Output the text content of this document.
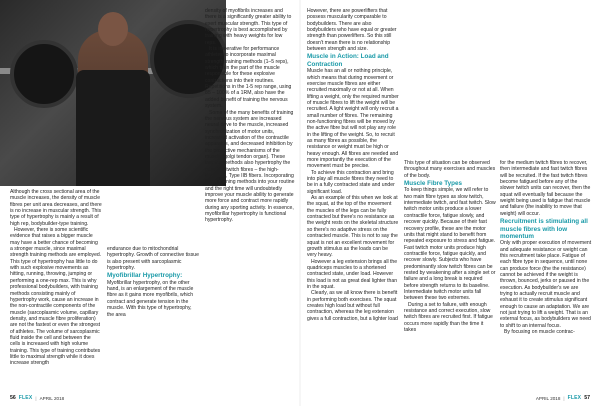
Although the cross sectional area of the muscle increases, the density of muscle fibres per unit area decreases, and there is no increase in muscular strength. This type of hypertrophy is mainly a result of high rep, bodybuilder-type training.

However, there is some scientific evidence that raises a bigger muscle may have a better chance of becoming a stronger muscle, since maximal strength training methods are employed. This type of hypertrophy has little to do with such explosive movements as hitting, running, throwing, jumping or performing a one-rep max. This is why professional bodybuilders, with training methods consisting mainly of hypertrophy work, cause an increase in the non-contractile components of the muscle (sarcoplasmic volume, capillary density, and muscle fibre proliferation) are not the fastest or even the strongest of athletes. The volume of sarcoplasmic fluid inside the cell and between the cells is increased with high volume training. This type of training contributes little to maximal strength while it does increase strength

endurance due to mitochondrial hypertrophy. Growth of connective tissue is also present with sarcoplasmic hypertrophy.

Myofibrillar Hypertrophy:

Myofibrillar hypertrophy, on the other hand, is an enlargement of the muscle fibre as it gains more myofibrils, which contract and generate tension in the muscle. With this type of hypertrophy, the area

density of myofibrils increases and there is a significantly greater ability to exert muscular strength. This type of hypertrophy is best accomplished by training with heavy weights for low reps.

It is imperative for performance athletes to incorporate maximal strength training methods (1–5 reps), which train the part of the muscle responsible for these explosive contractions into their routines. Repetitions in the 1-5 rep range, using 85 – 100% of a 1RM, also have the added benefit of training the nervous system.

Some of the many benefits of training the nervous system are increased neural drive to the muscle, increased synchronization of motor units, increased activation of the contractile apparatus, and decreased inhibition by the protective mechanisms of the muscle (golgi tendon organ). These training methods also hypertrophy the pure fast twitch fibres – the high-threshold, Type IIB fibers. Incorporating these training methods into your routine and the right time will undoubtedly improve your muscle ability to generate more force and contract more rapidly during any sporting activity. In essence, myofibrillar hypertrophy is functional hypertrophy.

56 FLEX | APRIL 2018

However, there are powerlifters that possess muscularity comparable to bodybuilders. There are also bodybuilders who have equal or greater strength than powerlifters. So this still doesn't mean there is no relationship between strength and size.

Muscle in Action: Load and Contraction

Muscle has an all or nothing principle, which means that during movement or exercise muscle fibres are either recruited maximally or not at all. When lifting a weight, only the required number of muscle fibres to lift the weight will be recruited. A light weight will only recruit a small number of fibres. The remaining non-functioning fibres will be moved by the active fibre but will not play any role in the lifting of the weight. So, to recruit as many fibres as possible, the resistance or weight must be high or heavy enough. All fibres are needed and more importantly the execution of the movement must be precise.

To achieve this contraction and bring into play all muscle fibres they need to be in a fully contracted state and under significant load.

As an example of this when we look at the squat, at the top of the movement the muscles of the legs can be fully contracted but there's no resistance as the weight rests on the skeletal structure so there's no adaptive stress on the contracted muscle. This is not to say the squat is not an excellent movement for growth stimulus as the loads can be very heavy.

However a leg extension brings all the quadriceps muscles to a shortened contracted state, under load. However this load is not as great deal lighter than in the squat.

Clearly, as we all know there is benefit in performing both exercises. The squat creates high load but without full contraction, whereas the leg extension gives a full contraction, but a lighter load

This type of situation can be observed throughout many exercises and muscles of the body.

Muscle Fibre Types

To keep things simple, we will refer to two main fibre types as slow twitch, intermediate twitch, and fast twitch. Slow twitch motor units produce a lower contractile force, fatigue slowly, and recover quickly. Because of their fast recovery profile, these are the motor units that might stand to benefit from repeated exposure to stress and fatigue. Fast twitch motor units produce high contractile force, fatigue quickly, and recover slowly. Subjects who have predominantly slow twitch fibres can be rested by weakening after a single set or failure and a long break is required before strength returns to its baseline. Intermediate twitch motor units fall between these two extremes.

During a set to failure, with enough resistance and correct execution, slow twitch fibres are recruited first. If fatigue occurs more rapidly than the time it takes

for the medium twitch fibres to recover, then intermediate and fast twitch fibres will be recruited. If the fast twitch fibres become fatigued before any of the slower twitch units can recover, then the squat will eventually fail because the weight being used is fatigue that muscle and failure (the inability to move that weight) will occur.

Recruitment is stimulating all muscle fibres with low momentum

Only with proper execution of movement and adequate resistance or weight can this recruitment take place. Fatigue of each fibre type in sequence, until none can produce force (the the resistance) cannot be achieved if the weight is thrown, bounced, jerks or paused in the execution. As bodybuilder's we are trying to actually recruit muscle and exhaust it to create stimulus significant enough to cause an adaptation. We are not just trying to lift a weight. That is an external focus, as bodybuilders we need to shift to an internal focus.

By focusing on muscle contrac-

APRIL 2018 | FLEX 57
